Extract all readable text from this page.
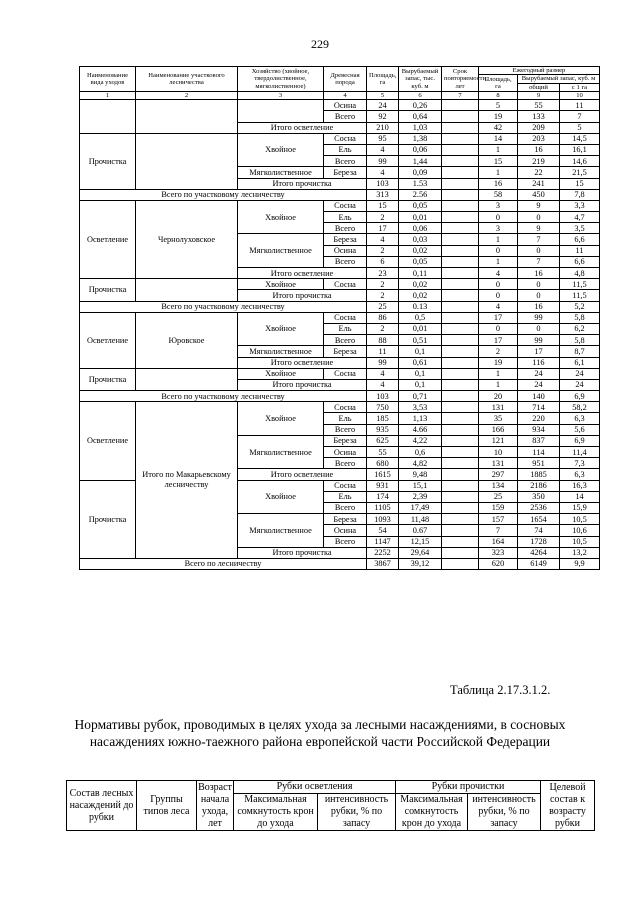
229
Наименование вида уходов	Наименование участкового лесничества	Хозяйство (хвойное, твердолиственное, мягколиственное)	Древесная порода	Площадь, га	Вырубаемый запас, тыс. куб. м	Срок повторяемости, лет	Ежегодный размер		
							Площадь, га	Вырубаемый запас, куб. м	
								общий	с 1 га
1	2	3	4	5	6	7	8	9	10
			Осина	24	0,26		5	55	11
			Всего	92	0,64		19	133	7
		Итого осветление		210	1,03		42	209	5
Прочистка		Хвойное	Сосна	95	1,38		14	203	14,5
			Ель	4	0,06		1	16	16,1
			Всего	99	1,44		15	219	14,6
		Мягколиственное	Береза	4	0,09		1	22	21,5
		Итого прочистка		103	1.53		16	241	15
Всего по участковому лесничеству				313	2.56		58	450	7,8
Осветление	Чернолуховское	Хвойное	Сосна	15	0,05		3	9	3,3
			Ель	2	0,01		0	0	4,7
			Всего	17	0,06		3	9	3,5
		Мягколиственное	Береза	4	0,03		1	7	6,6
			Осина	2	0,02		0	0	11
			Всего	6	0,05		1	7	6,6
		Итого осветление		23	0,11		4	16	4,8
Прочистка		Хвойное	Сосна	2	0,02		0	0	11,5
		Итого прочистка		2	0,02		0	0	11,5
Всего по участковому лесничеству				25	0.13		4	16	5,2
Осветление	Юровское	Хвойное	Сосна	86	0,5		17	99	5,8
			Ель	2	0,01		0	0	6,2
			Всего	88	0,51		17	99	5,8
		Мягколиственное	Береза	11	0,1		2	17	8,7
		Итого осветление		99	0,61		19	116	6,1
Прочистка		Хвойное	Сосна	4	0,1		1	24	24
		Итого прочистка		4	0,1		1	24	24
Всего по участковому лесничеству				103	0,71		20	140	6,9
Осветление	Итого по Макарьевскому лесничеству	Хвойное	Сосна	750	3,53		131	714	58,2
			Ель	185	1,13		35	220	6,3
			Всего	935	4.66		166	934	5,6
		Мягколиственное	Береза	625	4,22		121	837	6,9
			Осина	55	0,6		10	114	11,4
			Всего	680	4,82		131	951	7,3
		Итого осветление		1615	9,48		297	1885	6,3
Прочистка		Хвойное	Сосна	931	15,1		134	2186	16,3
			Ель	174	2,39		25	350	14
			Всего	1105	17,49		159	2536	15,9
		Мягколиственное	Береза	1093	11,48		157	1654	10,5
			Осина	54	0.67		7	74	10,6
			Всего	1147	12,15		164	1728	10,5
		Итого прочистка		2252	29,64		323	4264	13,2
Всего по лесничеству				3867	39,12		620	6149	9,9
Таблица 2.17.3.1.2.
Нормативы рубок, проводимых в целях ухода за лесными насаждениями, в сосновых насаждениях южно-таежного района европейской части Российской Федерации
Состав лесных насаждений до рубки	Группы типов леса	Возраст начала ухода, лет	Рубки осветления		Рубки прочистки		Целевой состав к возрасту рубки
			Максимальная сомкнутость крон до ухода	интенсивность рубки, % по запасу	Максимальная сомкнутость крон до ухода	интенсивность рубки, % по запасу	
